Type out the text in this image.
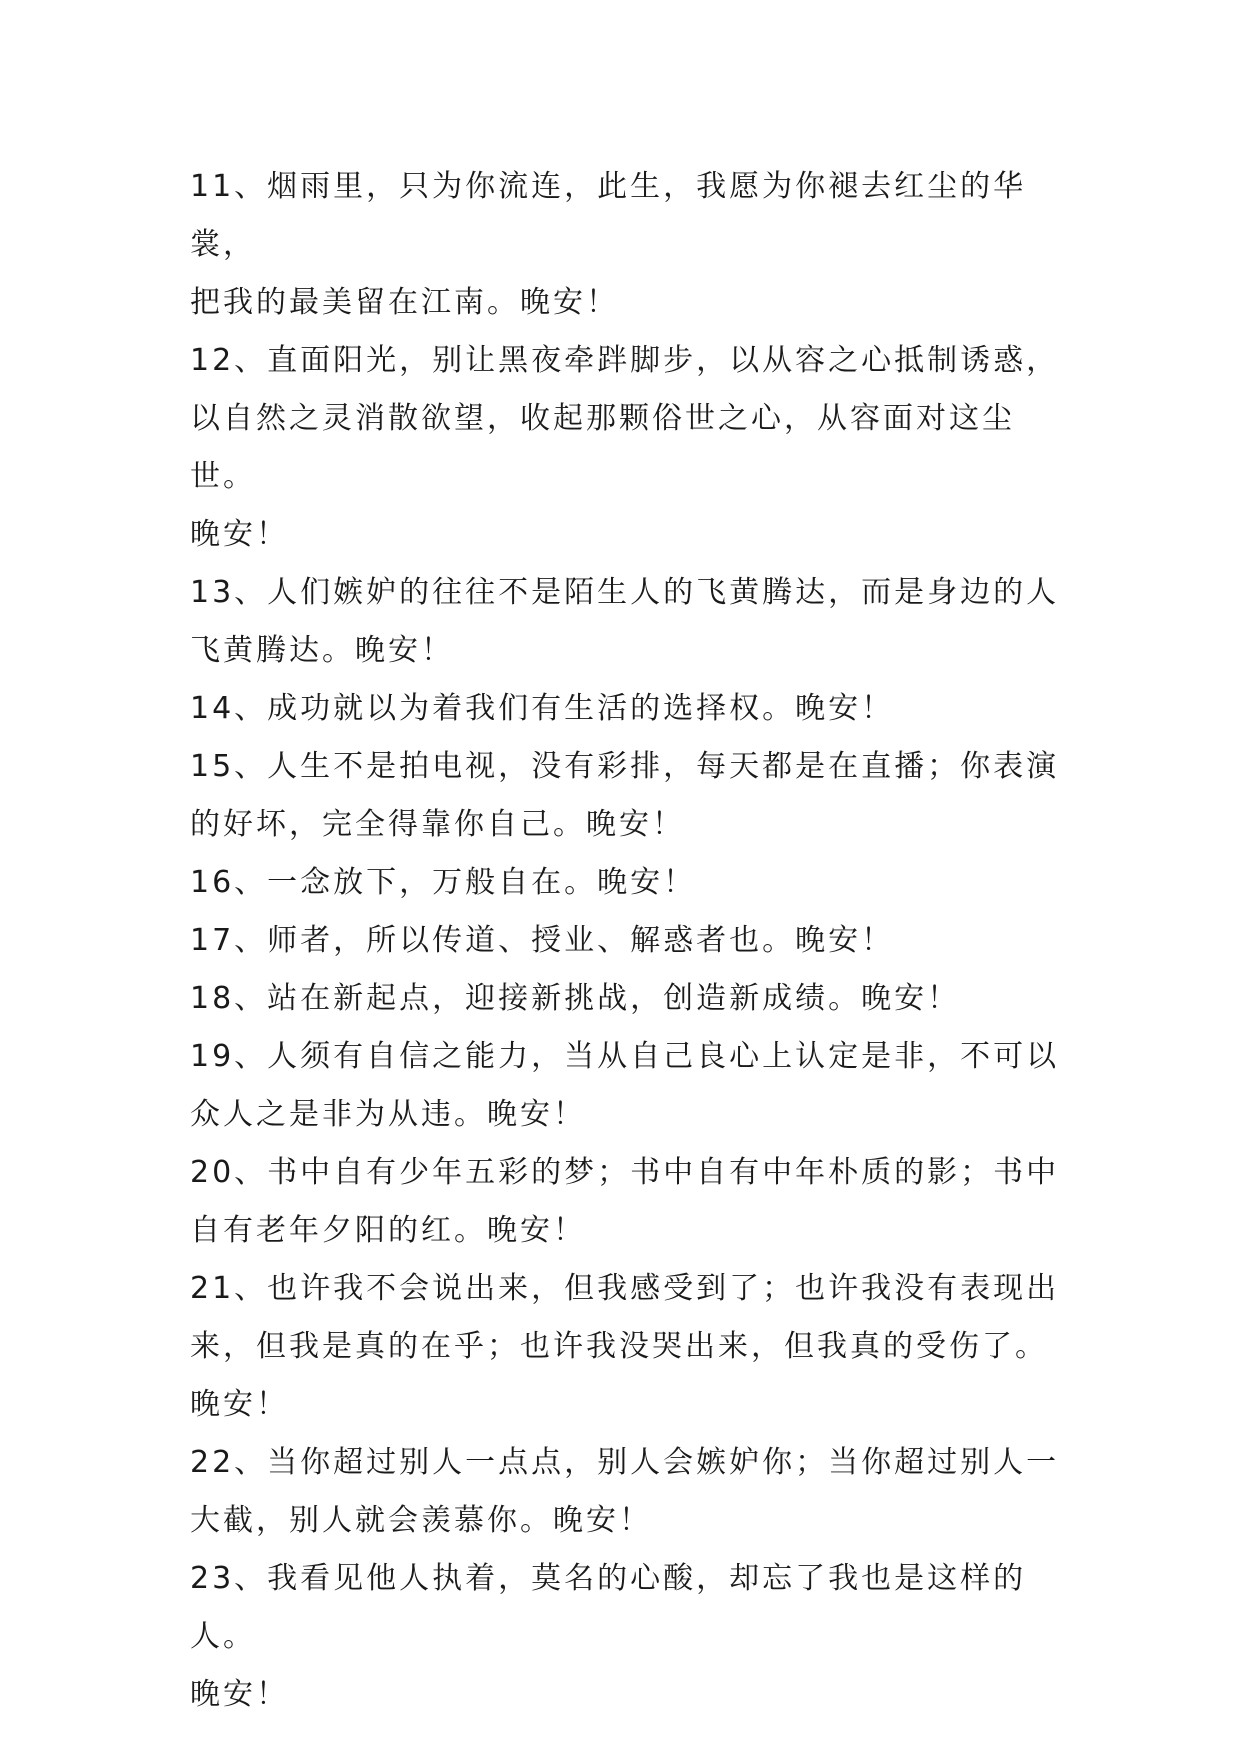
11、烟雨里，只为你流连，此生，我愿为你褪去红尘的华裳，
把我的最美留在江南。晚安！
12、直面阳光，别让黑夜牵跘脚步，以从容之心抵制诱惑，
以自然之灵消散欲望，收起那颗俗世之心，从容面对这尘世。
晚安！
13、人们嫉妒的往往不是陌生人的飞黄腾达，而是身边的人
飞黄腾达。晚安！
14、成功就以为着我们有生活的选择权。晚安！
15、人生不是拍电视，没有彩排，每天都是在直播；你表演
的好坏，完全得靠你自己。晚安！
16、一念放下，万般自在。晚安！
17、师者，所以传道、授业、解惑者也。晚安！
18、站在新起点，迎接新挑战，创造新成绩。晚安！
19、人须有自信之能力，当从自己良心上认定是非，不可以
众人之是非为从违。晚安！
20、书中自有少年五彩的梦；书中自有中年朴质的影；书中
自有老年夕阳的红。晚安！
21、也许我不会说出来，但我感受到了；也许我没有表现出
来，但我是真的在乎；也许我没哭出来，但我真的受伤了。
晚安！
22、当你超过别人一点点，别人会嫉妒你；当你超过别人一
大截，别人就会羡慕你。晚安！
23、我看见他人执着，莫名的心酸，却忘了我也是这样的人。
晚安！
